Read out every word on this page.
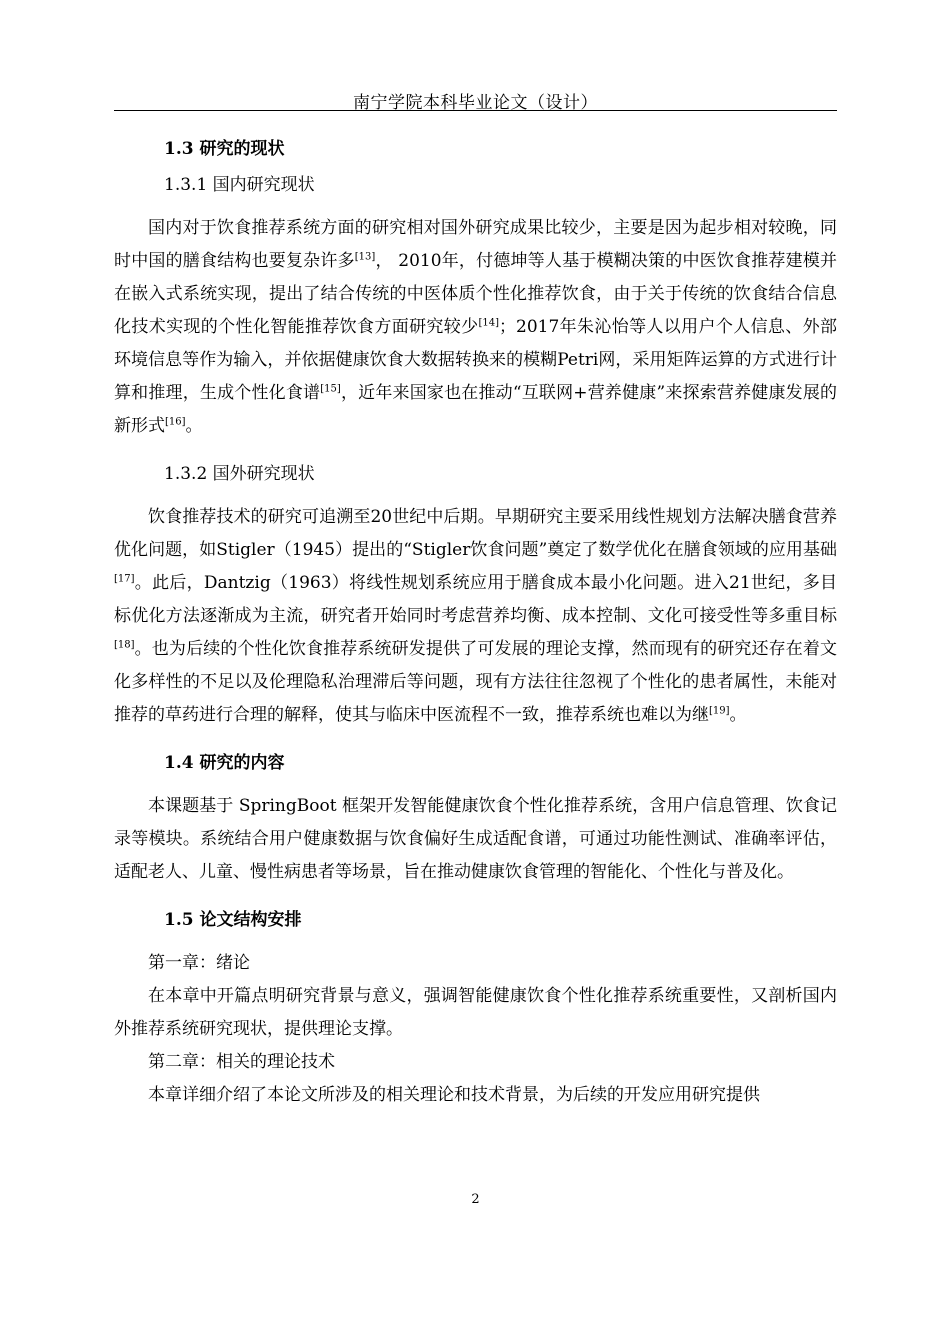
南宁学院本科毕业论文（设计）
1.3 研究的现状
1.3.1 国内研究现状

国内对于饮食推荐系统方面的研究相对国外研究成果比较少，主要是因为起步相对较晚，同时中国的膳食结构也要复杂许多[13]， 2010年，付德坤等人基于模糊决策的中医饮食推荐建模并在嵌入式系统实现，提出了结合传统的中医体质个性化推荐饮食，由于关于传统的饮食结合信息化技术实现的个性化智能推荐饮食方面研究较少[14]；2017年朱沁怡等人以用户个人信息、外部环境信息等作为输入，并依据健康饮食大数据转换来的模糊Petri网，采用矩阵运算的方式进行计算和推理，生成个性化食谱[15]，近年来国家也在推动“互联网+营养健康”来探索营养健康发展的新形式[16]。

1.3.2 国外研究现状

饮食推荐技术的研究可追溯至20世纪中后期。早期研究主要采用线性规划方法解决膳食营养优化问题，如Stigler（1945）提出的“Stigler饮食问题”奠定了数学优化在膳食领域的应用基础[17]。此后，Dantzig（1963）将线性规划系统应用于膳食成本最小化问题。进入21世纪，多目标优化方法逐渐成为主流，研究者开始同时考虑营养均衡、成本控制、文化可接受性等多重目标[18]。也为后续的个性化饮食推荐系统研发提供了可发展的理论支撑，然而现有的研究还存在着文化多样性的不足以及伦理隐私治理滞后等问题，现有方法往往忽视了个性化的患者属性，未能对推荐的草药进行合理的解释，使其与临床中医流程不一致，推荐系统也难以为继[19]。

1.4 研究的内容

本课题基于 SpringBoot 框架开发智能健康饮食个性化推荐系统，含用户信息管理、饮食记录等模块。系统结合用户健康数据与饮食偏好生成适配食谱，可通过功能性测试、准确率评估，适配老人、儿童、慢性病患者等场景，旨在推动健康饮食管理的智能化、个性化与普及化。

1.5 论文结构安排

第一章：绪论

在本章中开篇点明研究背景与意义，强调智能健康饮食个性化推荐系统重要性，又剖析国内外推荐系统研究现状，提供理论支撑。

第二章：相关的理论技术

本章详细介绍了本论文所涉及的相关理论和技术背景，为后续的开发应用研究提供

2
